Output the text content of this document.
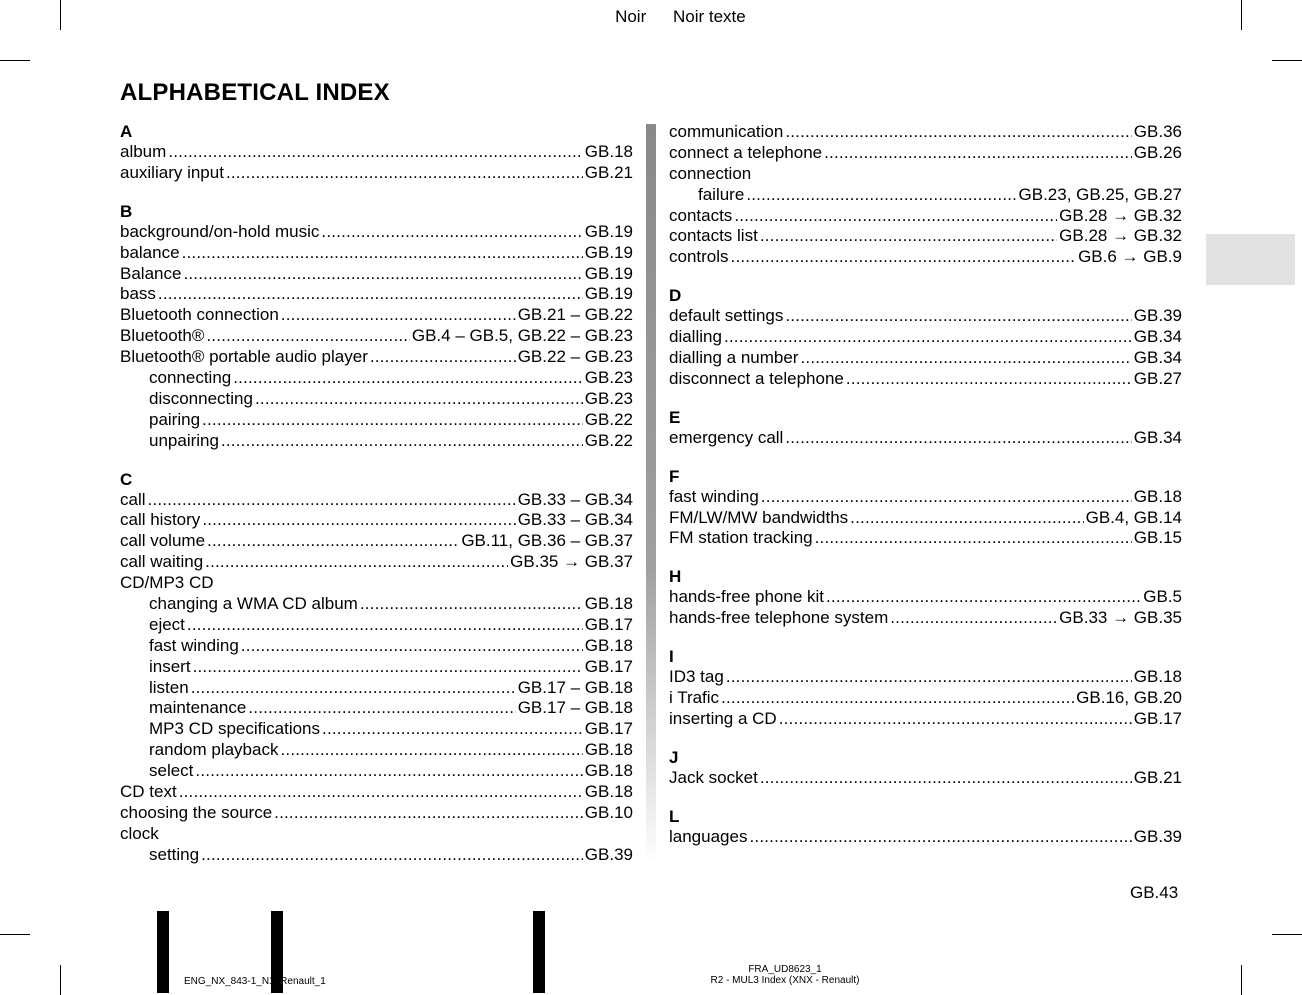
Jaune Noir Noir texte
ALPHABETICAL INDEX
A
album .....	GB.18
auxiliary input .....	GB.21
B
background/on-hold music .....	GB.19
balance .....	GB.19
Balance .....	GB.19
bass .....	GB.19
Bluetooth connection .....	GB.21 – GB.22
Bluetooth® .....	GB.4 – GB.5, GB.22 – GB.23
Bluetooth® portable audio player .....	GB.22 – GB.23
connecting .....	GB.23
disconnecting .....	GB.23
pairing .....	GB.22
unpairing .....	GB.22
C
call .....	GB.33 – GB.34
call history .....	GB.33 – GB.34
call volume .....	GB.11, GB.36 – GB.37
call waiting .....	GB.35 → GB.37
CD/MP3 CD
changing a WMA CD album .....	GB.18
eject .....	GB.17
fast winding .....	GB.18
insert .....	GB.17
listen .....	GB.17 – GB.18
maintenance .....	GB.17 – GB.18
MP3 CD specifications .....	GB.17
random playback .....	GB.18
select .....	GB.18
CD text .....	GB.18
choosing the source .....	GB.10
clock
setting .....	GB.39
communication .....	GB.36
connect a telephone .....	GB.26
connection
failure .....	GB.23, GB.25, GB.27
contacts .....	GB.28 → GB.32
contacts list .....	GB.28 → GB.32
controls .....	GB.6 → GB.9
D
default settings .....	GB.39
dialling .....	GB.34
dialling a number .....	GB.34
disconnect a telephone .....	GB.27
E
emergency call .....	GB.34
F
fast winding .....	GB.18
FM/LW/MW bandwidths .....	GB.4, GB.14
FM station tracking .....	GB.15
H
hands-free phone kit .....	GB.5
hands-free telephone system .....	GB.33 → GB.35
I
ID3 tag .....	GB.18
i Trafic .....	GB.16, GB.20
inserting a CD .....	GB.17
J
Jack socket .....	GB.21
L
languages .....	GB.39
GB.43
ENG_NX_843-1_N1_Renault_1
FRA_UD8623_1
R2 - MUL3 Index (XNX - Renault)
